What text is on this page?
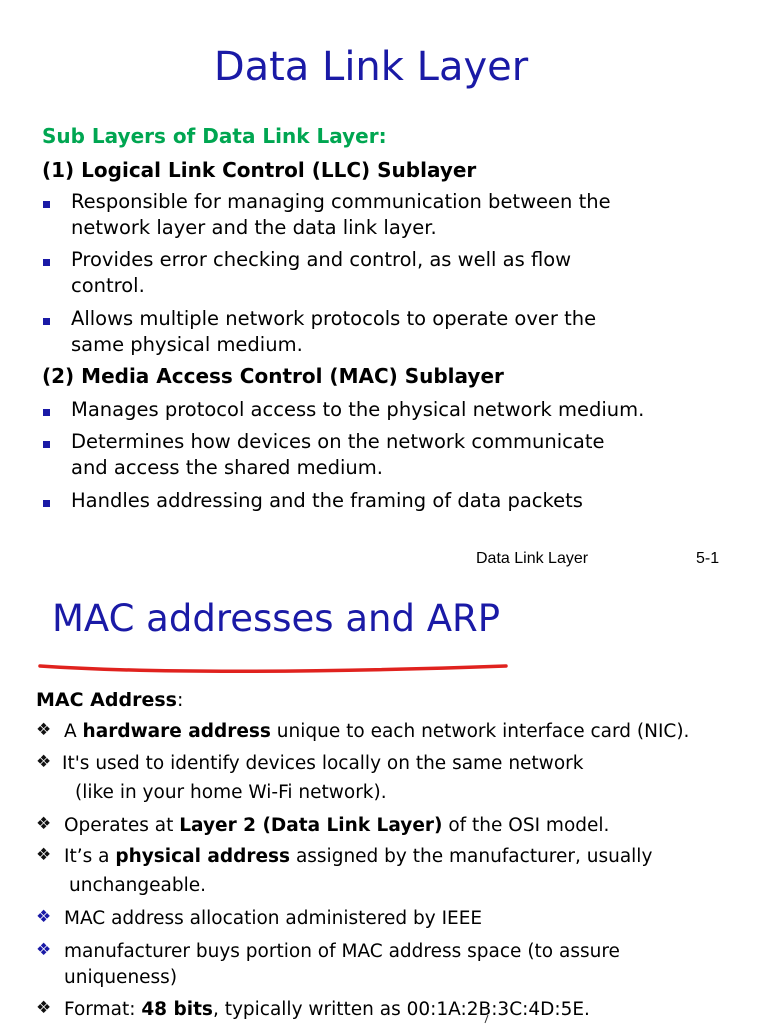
Data Link Layer
Sub Layers of Data Link Layer:
(1) Logical Link Control (LLC) Sublayer
Responsible for managing communication between the
network layer and the data link layer.
Provides error checking and control, as well as flow
control.
Allows multiple network protocols to operate over the
same physical medium.
(2) Media Access Control (MAC) Sublayer
Manages protocol access to the physical network medium.
Determines how devices on the network communicate
and access the shared medium.
Handles addressing and the framing of data packets
Data Link Layer	5-1
MAC addresses and ARP
MAC Address:
❖ A hardware address unique to each network interface card (NIC).
❖ It's used to identify devices locally on the same network
(like in your home Wi-Fi network).
❖ Operates at Layer 2 (Data Link Layer) of the OSI model.
❖ It’s a physical address assigned by the manufacturer, usually
unchangeable.
❖ MAC address allocation administered by IEEE
❖ manufacturer buys portion of MAC address space (to assure
uniqueness)
❖ Format: 48 bits, typically written as 00:1A:2B:3C:4D:5E.
